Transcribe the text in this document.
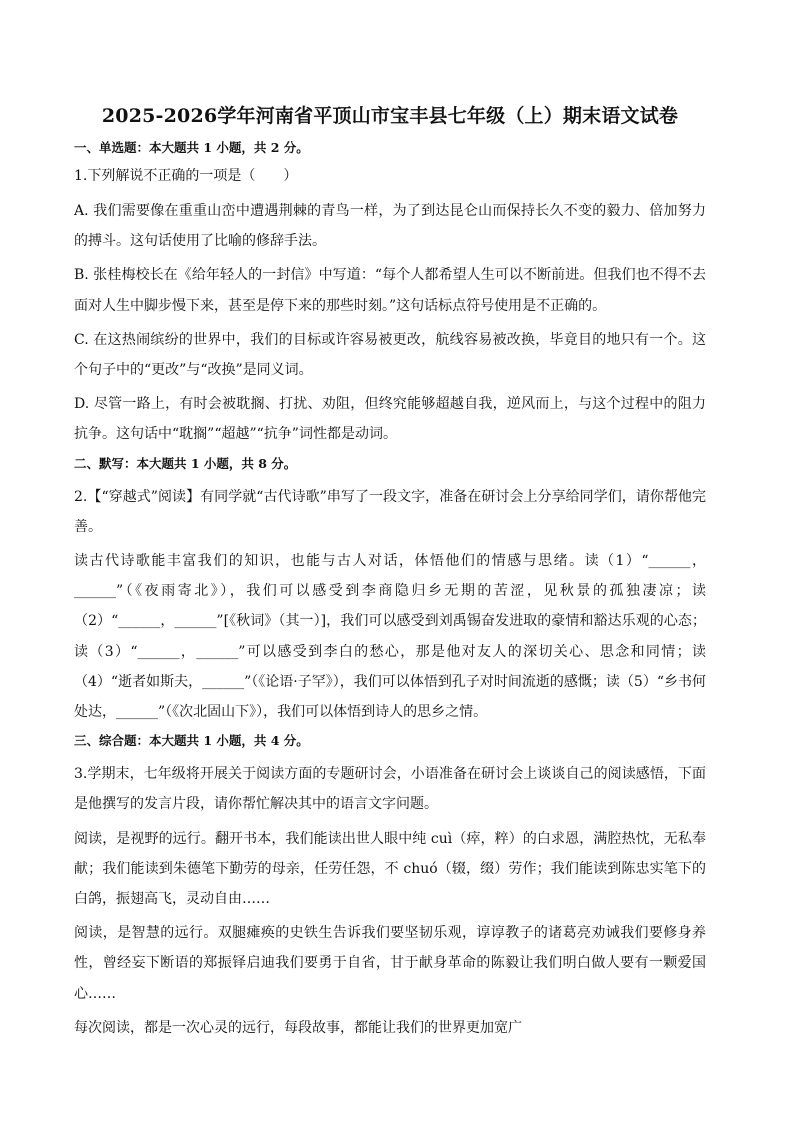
2025-2026学年河南省平顶山市宝丰县七年级（上）期末语文试卷
一、单选题：本大题共 1 小题，共 2 分。
1.下列解说不正确的一项是（　　）
A. 我们需要像在重重山峦中遭遇荆棘的青鸟一样，为了到达昆仑山而保持长久不变的毅力、倍加努力的搏斗。这句话使用了比喻的修辞手法。
B. 张桂梅校长在《给年轻人的一封信》中写道：“每个人都希望人生可以不断前进。但我们也不得不去面对人生中脚步慢下来，甚至是停下来的那些时刻。”这句话标点符号使用是不正确的。
C. 在这热闹缤纷的世界中，我们的目标或许容易被更改，航线容易被改换，毕竟目的地只有一个。这个句子中的“更改”与“改换”是同义词。
D. 尽管一路上，有时会被耽搁、打扰、劝阻，但终究能够超越自我，逆风而上，与这个过程中的阻力抗争。这句话中“耽搁”“超越”“抗争”词性都是动词。
二、默写：本大题共 1 小题，共 8 分。
2.【“穿越式”阅读】有同学就“古代诗歌”串写了一段文字，准备在研讨会上分享给同学们，请你帮他完善。
读古代诗歌能丰富我们的知识，也能与古人对话，体悟他们的情感与思绪。读（1）“______，______”（《夜雨寄北》），我们可以感受到李商隐归乡无期的苦涩，见秋景的孤独凄凉；读（2）“______，______”[《秋词》（其一）]，我们可以感受到刘禹锡奋发进取的豪情和豁达乐观的心态；读（3）“______，______”可以感受到李白的愁心，那是他对友人的深切关心、思念和同情；读（4）“逝者如斯夫，______”（《论语·子罕》），我们可以体悟到孔子对时间流逝的感慨；读（5）“乡书何处达，______”（《次北固山下》），我们可以体悟到诗人的思乡之情。
三、综合题：本大题共 1 小题，共 4 分。
3.学期末，七年级将开展关于阅读方面的专题研讨会，小语准备在研讨会上谈谈自己的阅读感悟，下面是他撰写的发言片段，请你帮忙解决其中的语言文字问题。
阅读，是视野的远行。翻开书本，我们能读出世人眼中纯 cuì（瘁，粹）的白求恩，满腔热忱，无私奉献；我们能读到朱德笔下勤劳的母亲，任劳任怨，不 chuó（辍，缀）劳作；我们能读到陈忠实笔下的白鸽，振翅高飞，灵动自由……
阅读，是智慧的远行。双腿瘫痪的史铁生告诉我们要坚韧乐观，谆谆教子的诸葛亮劝诫我们要修身养性，曾经妄下断语的郑振铎启迪我们要勇于自省，甘于献身革命的陈毅让我们明白做人要有一颗爱国心……
每次阅读，都是一次心灵的远行，每段故事，都能让我们的世界更加宽广
